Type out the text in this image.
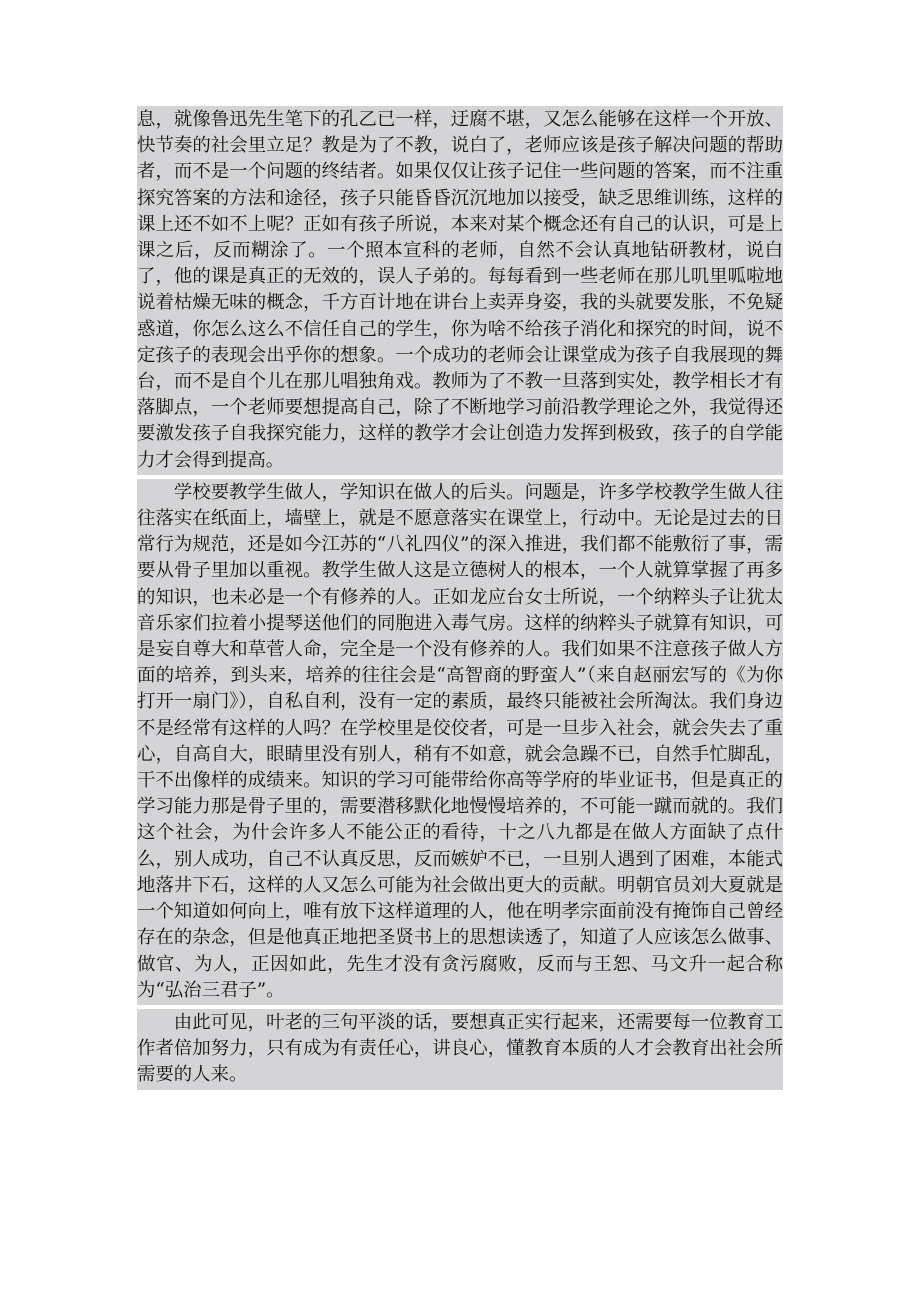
息，就像鲁迅先生笔下的孔乙已一样，迂腐不堪，又怎么能够在这样一个开放、快节奏的社会里立足？教是为了不教，说白了，老师应该是孩子解决问题的帮助者，而不是一个问题的终结者。如果仅仅让孩子记住一些问题的答案，而不注重探究答案的方法和途径，孩子只能昏昏沉沉地加以接受，缺乏思维训练，这样的课上还不如不上呢？正如有孩子所说，本来对某个概念还有自己的认识，可是上课之后，反而糊涂了。一个照本宣科的老师，自然不会认真地钻研教材，说白了，他的课是真正的无效的，误人子弟的。每每看到一些老师在那儿叽里呱啦地说着枯燥无味的概念，千方百计地在讲台上卖弄身姿，我的头就要发胀，不免疑惑道，你怎么这么不信任自己的学生，你为啥不给孩子消化和探究的时间，说不定孩子的表现会出乎你的想象。一个成功的老师会让课堂成为孩子自我展现的舞台，而不是自个儿在那儿唱独角戏。教师为了不教一旦落到实处，教学相长才有落脚点，一个老师要想提高自己，除了不断地学习前沿教学理论之外，我觉得还要激发孩子自我探究能力，这样的教学才会让创造力发挥到极致，孩子的自学能力才会得到提高。

学校要教学生做人，学知识在做人的后头。问题是，许多学校教学生做人往往落实在纸面上，墙壁上，就是不愿意落实在课堂上，行动中。无论是过去的日常行为规范，还是如今江苏的“八礼四仪”的深入推进，我们都不能敷衍了事，需要从骨子里加以重视。教学生做人这是立德树人的根本，一个人就算掌握了再多的知识，也未必是一个有修养的人。正如龙应台女士所说，一个纳粹头子让犹太音乐家们拉着小提琴送他们的同胞进入毒气房。这样的纳粹头子就算有知识，可是妄自尊大和草菅人命，完全是一个没有修养的人。我们如果不注意孩子做人方面的培养，到头来，培养的往往会是“高智商的野蛮人”（来自赵丽宏写的《为你打开一扇门》），自私自利，没有一定的素质，最终只能被社会所淘汰。我们身边不是经常有这样的人吗？在学校里是佼佼者，可是一旦步入社会，就会失去了重心，自高自大，眼睛里没有别人，稍有不如意，就会急躁不已，自然手忙脚乱，干不出像样的成绩来。知识的学习可能带给你高等学府的毕业证书，但是真正的学习能力那是骨子里的，需要潜移默化地慢慢培养的，不可能一蹴而就的。我们这个社会，为什会许多人不能公正的看待，十之八九都是在做人方面缺了点什么，别人成功，自己不认真反思，反而嫉妒不已，一旦别人遇到了困难，本能式地落井下石，这样的人又怎么可能为社会做出更大的贡献。明朝官员刘大夏就是一个知道如何向上，唯有放下这样道理的人，他在明孝宗面前没有掩饰自己曾经存在的杂念，但是他真正地把圣贤书上的思想读透了，知道了人应该怎么做事、做官、为人，正因如此，先生才没有贪污腐败，反而与王恕、马文升一起合称为“弘治三君子”。

由此可见，叶老的三句平淡的话，要想真正实行起来，还需要每一位教育工作者倍加努力，只有成为有责任心，讲良心，懂教育本质的人才会教育出社会所需要的人来。
